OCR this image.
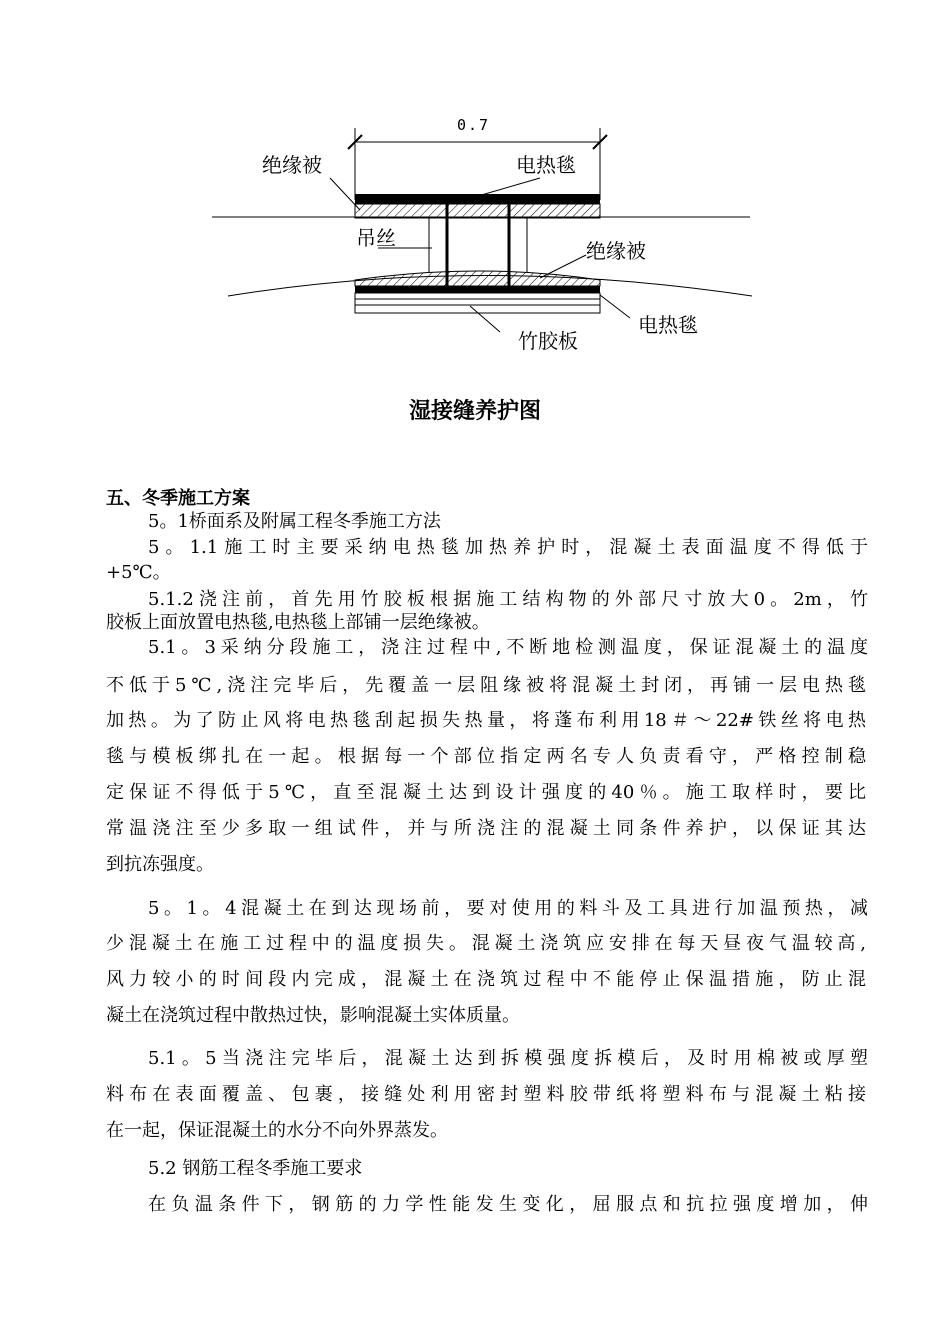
0.7
绝缘被	电热毯
吊丝
绝缘被
电热毯
竹胶板
湿接缝养护图
五、冬季施工方案
5。1桥面系及附属工程冬季施工方法
5。1.1施工时主要采纳电热毯加热养护时，混凝土表面温度不得低于
+5℃。
5.1.2浇注前，首先用竹胶板根据施工结构物的外部尺寸放大0。2m，竹
胶板上面放置电热毯,电热毯上部铺一层绝缘被。
5.1。3采纳分段施工，浇注过程中,不断地检测温度，保证混凝土的温度
不低于5℃,浇注完毕后，先覆盖一层阻缘被将混凝土封闭，再铺一层电热毯
加热。为了防止风将电热毯刮起损失热量，将蓬布利用18＃～22#铁丝将电热
毯与模板绑扎在一起。根据每一个部位指定两名专人负责看守，严格控制稳
定保证不得低于5℃，直至混凝土达到设计强度的40％。施工取样时，要比
常温浇注至少多取一组试件，并与所浇注的混凝土同条件养护，以保证其达
到抗冻强度。
5。1。4混凝土在到达现场前，要对使用的料斗及工具进行加温预热，减
少混凝土在施工过程中的温度损失。混凝土浇筑应安排在每天昼夜气温较高,
风力较小的时间段内完成，混凝土在浇筑过程中不能停止保温措施，防止混
凝土在浇筑过程中散热过快，影响混凝土实体质量。
5.1。5当浇注完毕后，混凝土达到拆模强度拆模后，及时用棉被或厚塑
料布在表面覆盖、包裹，接缝处利用密封塑料胶带纸将塑料布与混凝土粘接
在一起，保证混凝土的水分不向外界蒸发。
5.2 钢筋工程冬季施工要求
在负温条件下，钢筋的力学性能发生变化，屈服点和抗拉强度增加，伸
